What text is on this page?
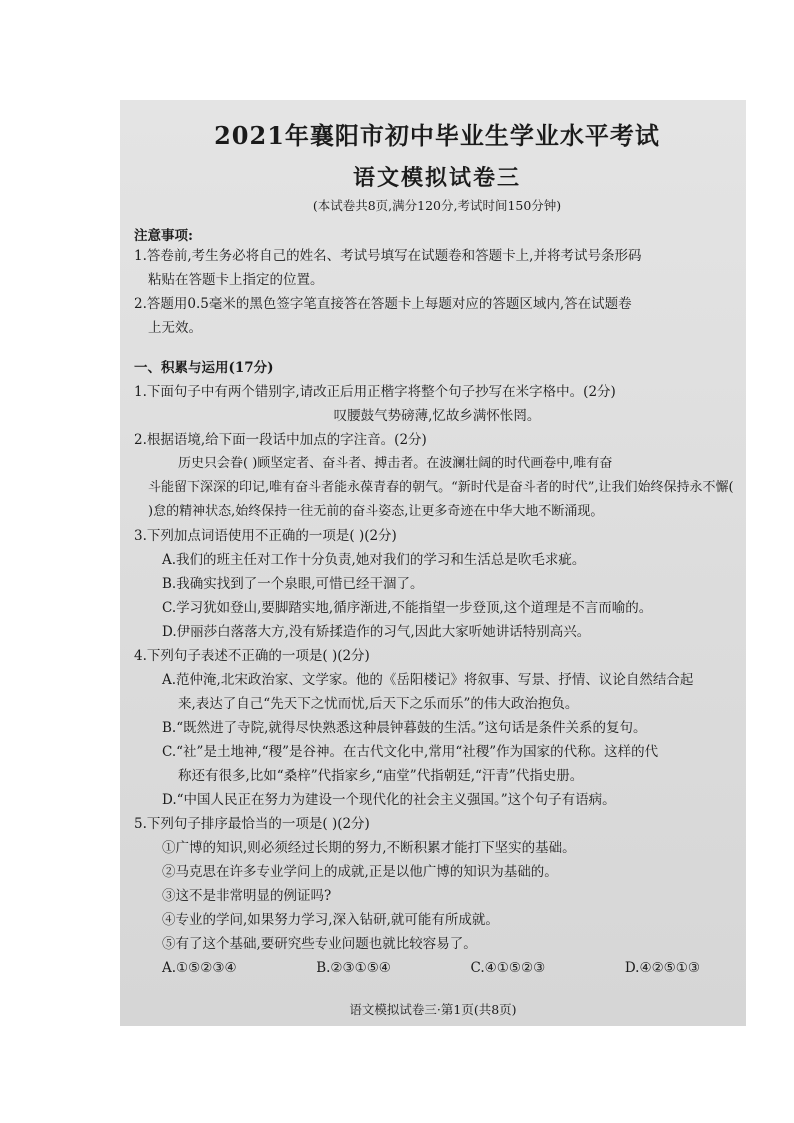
2021年襄阳市初中毕业生学业水平考试
语文模拟试卷三
(本试卷共8页,满分120分,考试时间150分钟)
注意事项:
1.答卷前,考生务必将自己的姓名、考试号填写在试题卷和答题卡上,并将考试号条形码
粘贴在答题卡上指定的位置。
2.答题用0.5毫米的黑色签字笔直接答在答题卡上每题对应的答题区域内,答在试题卷
上无效。
一、积累与运用(17分)
1.下面句子中有两个错别字,请改正后用正楷字将整个句子抄写在米字格中。(2分)
叹腰鼓气势磅薄,忆故乡满怀怅罔。
2.根据语境,给下面一段话中加点的字注音。(2分)
历史只会眷( )顾坚定者、奋斗者、搏击者。在波澜壮阔的时代画卷中,唯有奋
斗能留下深深的印记,唯有奋斗者能永葆青春的朝气。“新时代是奋斗者的时代”,让我们始终保持永不懈( )怠的精神状态,始终保持一往无前的奋斗姿态,让更多奇迹在中华大地不断涌现。
3.下列加点词语使用不正确的一项是( )(2分)
A.我们的班主任对工作十分负责,她对我们的学习和生活总是吹毛求疵。
B.我确实找到了一个泉眼,可惜已经干涸了。
C.学习犹如登山,要脚踏实地,循序渐进,不能指望一步登顶,这个道理是不言而喻的。
D.伊丽莎白落落大方,没有矫揉造作的习气,因此大家听她讲话特别高兴。
4.下列句子表述不正确的一项是( )(2分)
A.范仲淹,北宋政治家、文学家。他的《岳阳楼记》将叙事、写景、抒情、议论自然结合起
来,表达了自己“先天下之忧而忧,后天下之乐而乐”的伟大政治抱负。
B.“既然进了寺院,就得尽快熟悉这种晨钟暮鼓的生活。”这句话是条件关系的复句。
C.“社”是土地神,“稷”是谷神。在古代文化中,常用“社稷”作为国家的代称。这样的代
称还有很多,比如“桑梓”代指家乡,“庙堂”代指朝廷,“汗青”代指史册。
D.“中国人民正在努力为建设一个现代化的社会主义强国。”这个句子有语病。
5.下列句子排序最恰当的一项是( )(2分)
①广博的知识,则必须经过长期的努力,不断积累才能打下坚实的基础。
②马克思在许多专业学问上的成就,正是以他广博的知识为基础的。
③这不是非常明显的例证吗?
④专业的学问,如果努力学习,深入钻研,就可能有所成就。
⑤有了这个基础,要研究些专业问题也就比较容易了。
A.①⑤②③④	B.②③①⑤④	C.④①⑤②③	D.④②⑤①③
语文模拟试卷三·第1页(共8页)
